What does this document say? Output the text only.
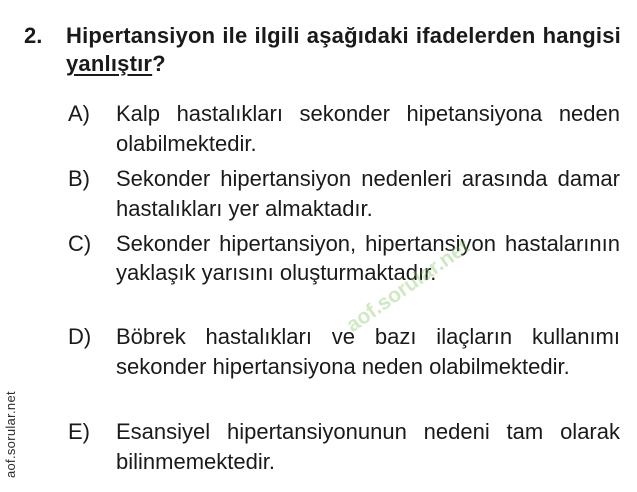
2. Hipertansiyon ile ilgili aşağıdaki ifadelerden hangisi yanlıştır?
A)	Kalp hastalıkları sekonder hipetansiyona neden olabilmektedir.
B)	Sekonder hipertansiyon nedenleri arasında damar hastalıkları yer almaktadır.
C)	Sekonder hipertansiyon, hipertansiyon hastalarının yaklaşık yarısını oluşturmaktadır.
D)	Böbrek hastalıkları ve bazı ilaçların kullanımı sekonder hipertansiyona neden olabilmektedir.
E)	Esansiyel hipertansiyonunun nedeni tam olarak bilinmemektedir.
aof.sorular.net
aof.sorular.net
